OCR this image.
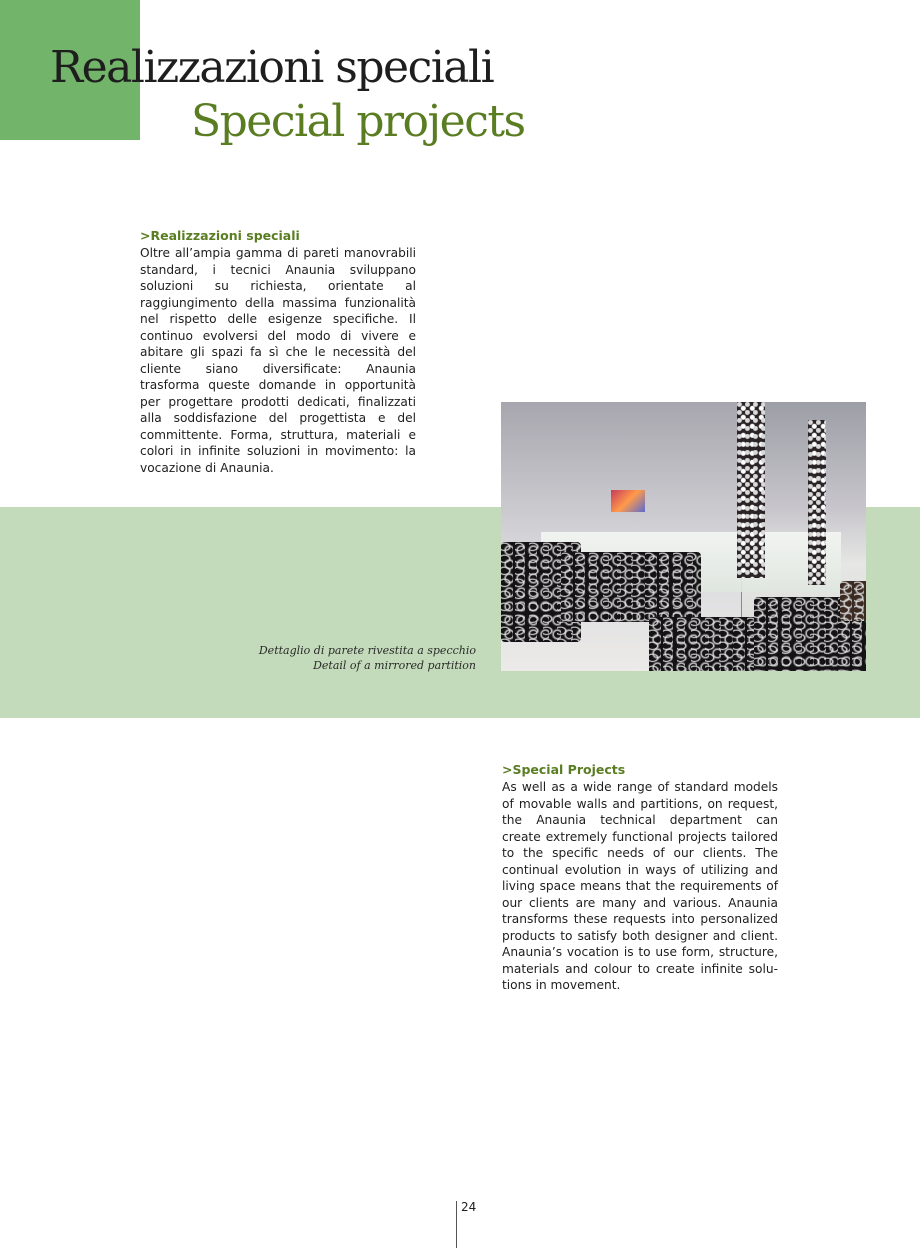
Realizzazioni speciali
Special projects
>Realizzazioni speciali

Oltre all’ampia gamma di pareti manovrabili standard, i tecnici Anaunia sviluppano soluzioni su richiesta, orientate al raggiungimento della massima funzionalità nel rispetto delle esigenze specifiche. Il continuo evolversi del modo di vivere e abitare gli spazi fa sì che le necessità del cliente siano diversificate: Anaunia trasforma queste domande in opportunità per progettare prodotti dedicati, finalizzati alla soddisfazione del progettista e del committente. Forma, struttura, materiali e colori in infinite soluzioni in movimento: la vocazione di Anaunia.

Dettaglio di parete rivestita a specchio
Detail of a mirrored partition
>Special Projects

As well as a wide range of standard models of movable walls and partitions, on request, the Anaunia technical department can create extremely functional projects tailored to the specific needs of our clients. The continual evolution in ways of utilizing and living space means that the requirements of our clients are many and various. Anaunia transforms these requests into personalized products to satisfy both designer and client. Anaunia’s vocation is to use form, structure, materials and colour to create infinite solutions in movement.

24
